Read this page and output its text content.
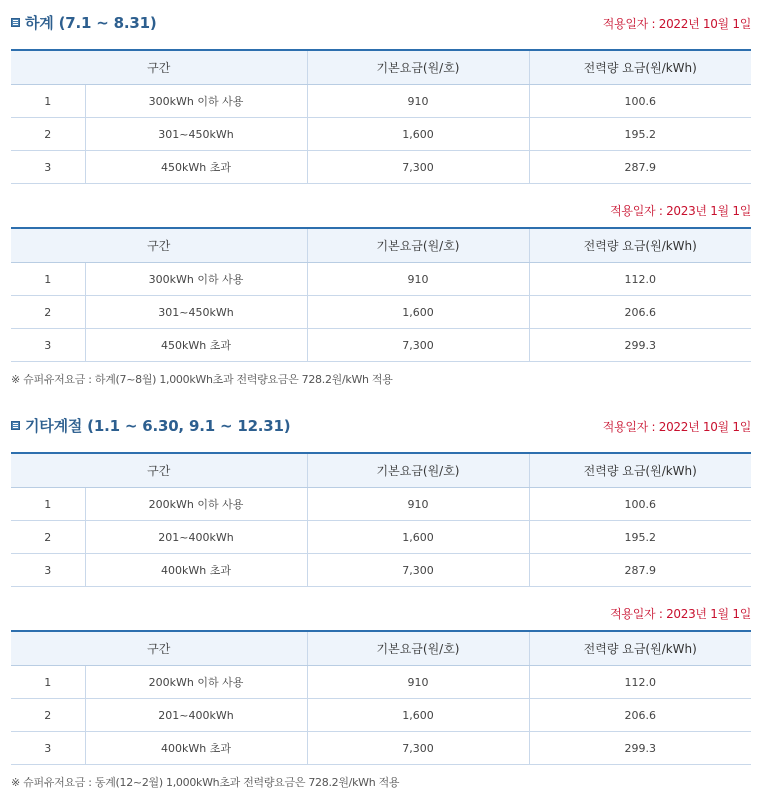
하계 (7.1 ~ 8.31)	적용일자 : 2022년 10월 1일
구간		기본요금(원/호)	전력량 요금(원/kWh)
1	300kWh 이하 사용	910	100.6
2	301~450kWh	1,600	195.2
3	450kWh 초과	7,300	287.9
적용일자 : 2023년 1월 1일
구간		기본요금(원/호)	전력량 요금(원/kWh)
1	300kWh 이하 사용	910	112.0
2	301~450kWh	1,600	206.6
3	450kWh 초과	7,300	299.3
※ 슈퍼유저요금 : 하계(7~8월) 1,000kWh초과 전력량요금은 728.2원/kWh 적용
기타계절 (1.1 ~ 6.30, 9.1 ~ 12.31)	적용일자 : 2022년 10월 1일
구간		기본요금(원/호)	전력량 요금(원/kWh)
1	200kWh 이하 사용	910	100.6
2	201~400kWh	1,600	195.2
3	400kWh 초과	7,300	287.9
적용일자 : 2023년 1월 1일
구간		기본요금(원/호)	전력량 요금(원/kWh)
1	200kWh 이하 사용	910	112.0
2	201~400kWh	1,600	206.6
3	400kWh 초과	7,300	299.3
※ 슈퍼유저요금 : 동계(12~2월) 1,000kWh초과 전력량요금은 728.2원/kWh 적용
